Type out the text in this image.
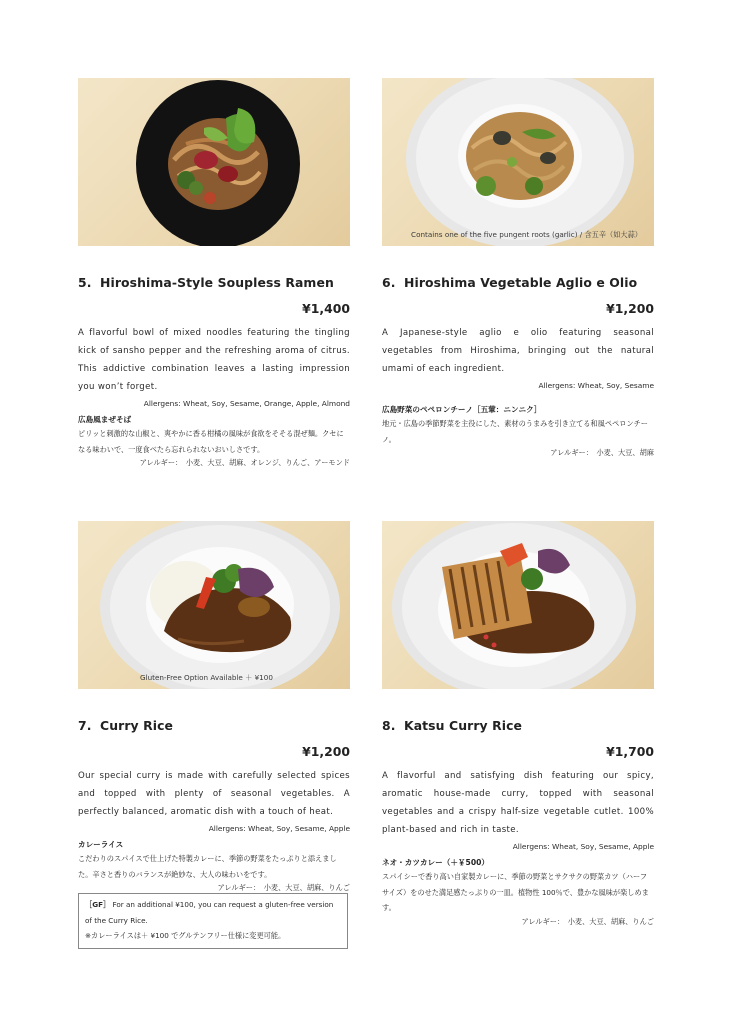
5. Hiroshima-Style Soupless Ramen
¥1,400
A flavorful bowl of mixed noodles featuring the tingling kick of sansho pepper and the refreshing aroma of citrus. This addictive combination leaves a lasting impression you won’t forget.
Allergens: Wheat, Soy, Sesame, Orange, Apple, Almond
広島風まぜそば
ピリッと刺激的な山椒と、爽やかに香る柑橘の風味が食欲をそそる混ぜ麺。クセになる味わいで、一度食べたら忘れられないおいしさです。
アレルギー：　小麦、大豆、胡麻、オレンジ、りんご、アーモンド
Contains one of the five pungent roots (garlic) / 含五辛（如大蒜）
6. Hiroshima Vegetable Aglio e Olio
¥1,200
A Japanese-style aglio e olio featuring seasonal vegetables from Hiroshima, bringing out the natural umami of each ingredient.
Allergens: Wheat, Soy, Sesame
広島野菜のペペロンチーノ［五葷：ニンニク］
地元・広島の季節野菜を主役にした、素材のうまみを引き立てる和風ペペロンチーノ。
アレルギー：　小麦、大豆、胡麻
Gluten-Free Option Available ＋ ¥100
7. Curry Rice
¥1,200
Our special curry is made with carefully selected spices and topped with plenty of seasonal vegetables. A perfectly balanced, aromatic dish with a touch of heat.
Allergens: Wheat, Soy, Sesame, Apple
カレーライス
こだわりのスパイスで仕上げた特製カレーに、季節の野菜をたっぷりと添えました。辛さと香りのバランスが絶妙な、大人の味わいをです。
アレルギー：　小麦、大豆、胡麻、りんご
［GF］ For an additional ¥100, you can request a gluten-free version of the Curry Rice.
※カレーライスは＋ ¥100 でグルテンフリー仕様に変更可能。
8. Katsu Curry Rice
¥1,700
A flavorful and satisfying dish featuring our spicy, aromatic house-made curry, topped with seasonal vegetables and a crispy half-size vegetable cutlet. 100% plant-based and rich in taste.
Allergens: Wheat, Soy, Sesame, Apple
ネオ・カツカレー（＋￥500）
スパイシーで香り高い自家製カレーに、季節の野菜とサクサクの野菜カツ（ハーフサイズ）をのせた満足感たっぷりの一皿。植物性 100％で、豊かな風味が楽しめます。
アレルギー：　小麦、大豆、胡麻、りんご
